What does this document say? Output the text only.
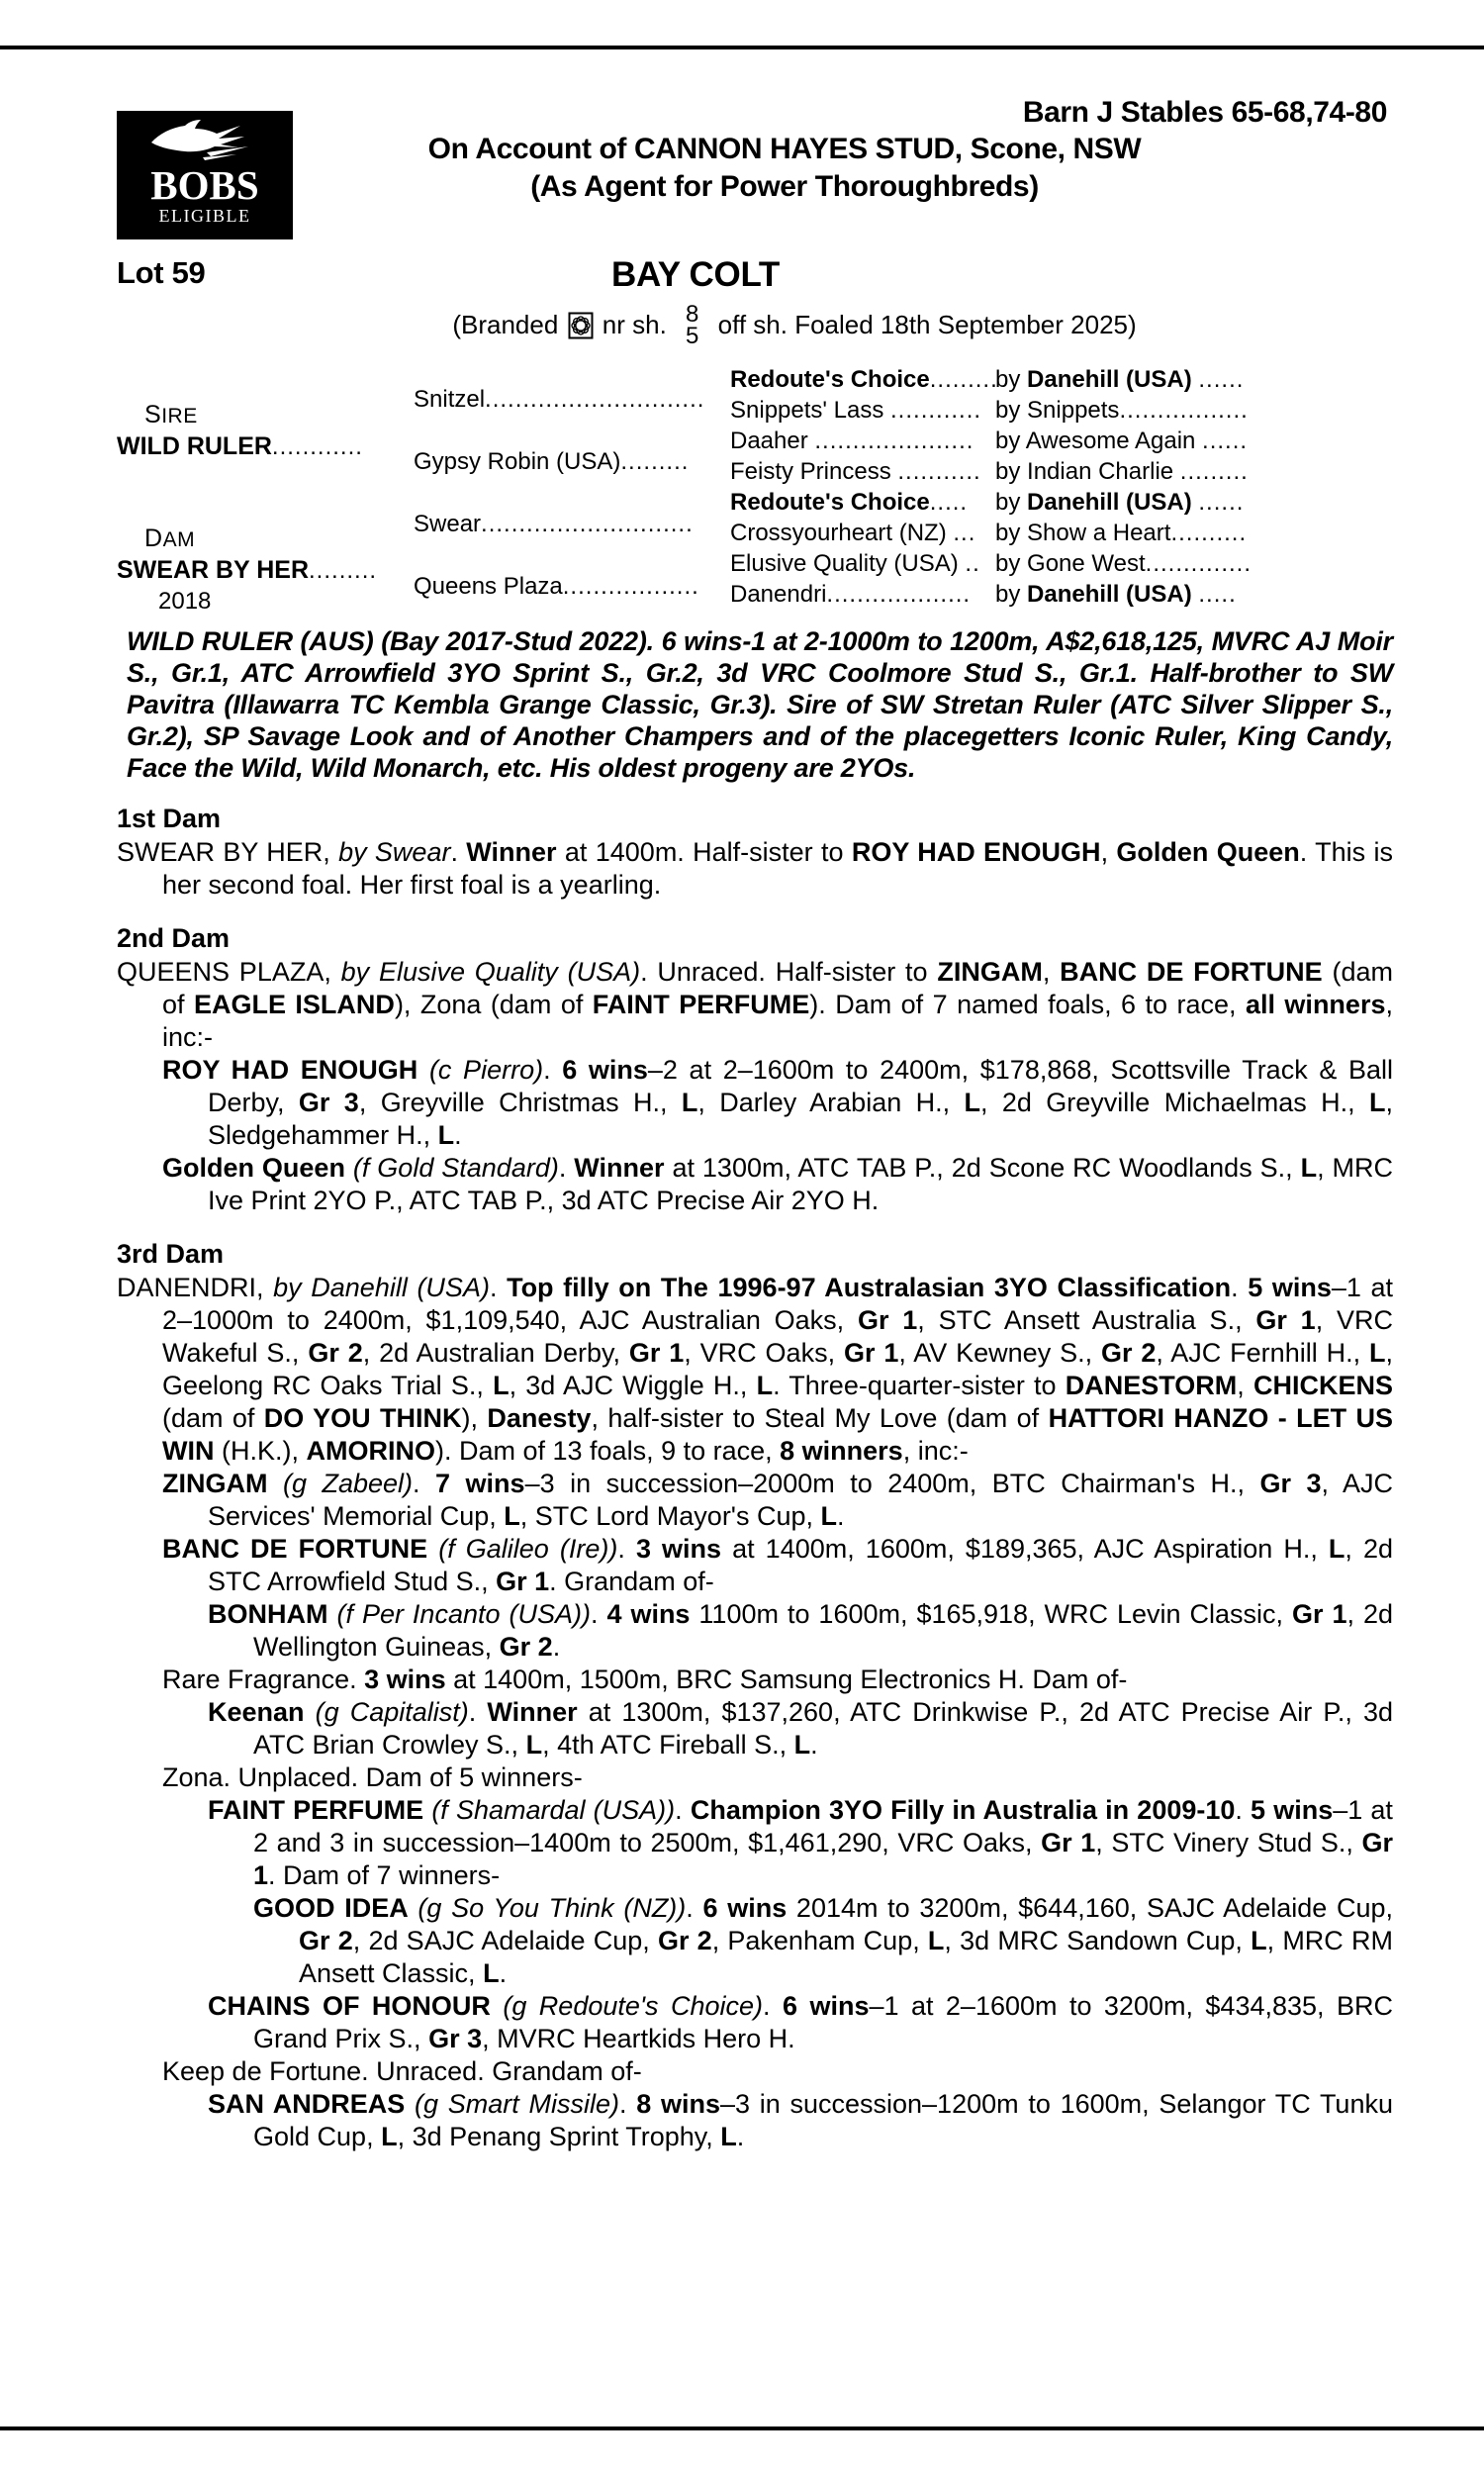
BOBS
ELIGIBLE
Barn J Stables 65-68,74-80
On Account of CANNON HAYES STUD, Scone, NSW
(As Agent for Power Thoroughbreds)
Lot 59	BAY COLT
(Branded nr sh. 8
5 off sh. Foaled 18th September 2025)
SIRE
WILD RULER............
DAM
SWEAR BY HER.........
2018
Snitzel.............................
Gypsy Robin (USA).........
Swear............................
Queens Plaza..................
Redoute's Choice.........
Snippets' Lass ............
Daaher .....................
Feisty Princess ...........
Redoute's Choice.....
Crossyourheart (NZ) ...
Elusive Quality (USA) ..
Danendri...................
by Danehill (USA) ......
by Snippets.................
by Awesome Again ......
by Indian Charlie .........
by Danehill (USA) ......
by Show a Heart..........
by Gone West..............
by Danehill (USA) .....
WILD RULER (AUS) (Bay 2017-Stud 2022). 6 wins-1 at 2-1000m to 1200m, A$2,618,125, MVRC AJ Moir S., Gr.1, ATC Arrowfield 3YO Sprint S., Gr.2, 3d VRC Coolmore Stud S., Gr.1. Half-brother to SW Pavitra (Illawarra TC Kembla Grange Classic, Gr.3). Sire of SW Stretan Ruler (ATC Silver Slipper S., Gr.2), SP Savage Look and of Another Champers and of the placegetters Iconic Ruler, King Candy, Face the Wild, Wild Monarch, etc. His oldest progeny are 2YOs.
1st Dam

SWEAR BY HER, by Swear. Winner at 1400m. Half-sister to ROY HAD ENOUGH, Golden Queen. This is her second foal. Her first foal is a yearling.

2nd Dam

QUEENS PLAZA, by Elusive Quality (USA). Unraced. Half-sister to ZINGAM, BANC DE FORTUNE (dam of EAGLE ISLAND), Zona (dam of FAINT PERFUME). Dam of 7 named foals, 6 to race, all winners, inc:-

ROY HAD ENOUGH (c Pierro). 6 wins–2 at 2–1600m to 2400m, $178,868, Scottsville Track & Ball Derby, Gr 3, Greyville Christmas H., L, Darley Arabian H., L, 2d Greyville Michaelmas H., L, Sledgehammer H., L.

Golden Queen (f Gold Standard). Winner at 1300m, ATC TAB P., 2d Scone RC Woodlands S., L, MRC Ive Print 2YO P., ATC TAB P., 3d ATC Precise Air 2YO H.

3rd Dam

DANENDRI, by Danehill (USA). Top filly on The 1996-97 Australasian 3YO Classification. 5 wins–1 at 2–1000m to 2400m, $1,109,540, AJC Australian Oaks, Gr 1, STC Ansett Australia S., Gr 1, VRC Wakeful S., Gr 2, 2d Australian Derby, Gr 1, VRC Oaks, Gr 1, AV Kewney S., Gr 2, AJC Fernhill H., L, Geelong RC Oaks Trial S., L, 3d AJC Wiggle H., L. Three-quarter-sister to DANESTORM, CHICKENS (dam of DO YOU THINK), Danesty, half-sister to Steal My Love (dam of HATTORI HANZO - LET US WIN (H.K.), AMORINO). Dam of 13 foals, 9 to race, 8 winners, inc:-

ZINGAM (g Zabeel). 7 wins–3 in succession–2000m to 2400m, BTC Chairman's H., Gr 3, AJC Services' Memorial Cup, L, STC Lord Mayor's Cup, L.

BANC DE FORTUNE (f Galileo (Ire)). 3 wins at 1400m, 1600m, $189,365, AJC Aspiration H., L, 2d STC Arrowfield Stud S., Gr 1. Grandam of-

BONHAM (f Per Incanto (USA)). 4 wins 1100m to 1600m, $165,918, WRC Levin Classic, Gr 1, 2d Wellington Guineas, Gr 2.

Rare Fragrance. 3 wins at 1400m, 1500m, BRC Samsung Electronics H. Dam of-

Keenan (g Capitalist). Winner at 1300m, $137,260, ATC Drinkwise P., 2d ATC Precise Air P., 3d ATC Brian Crowley S., L, 4th ATC Fireball S., L.

Zona. Unplaced. Dam of 5 winners-

FAINT PERFUME (f Shamardal (USA)). Champion 3YO Filly in Australia in 2009-10. 5 wins–1 at 2 and 3 in succession–1400m to 2500m, $1,461,290, VRC Oaks, Gr 1, STC Vinery Stud S., Gr 1. Dam of 7 winners-

GOOD IDEA (g So You Think (NZ)). 6 wins 2014m to 3200m, $644,160, SAJC Adelaide Cup, Gr 2, 2d SAJC Adelaide Cup, Gr 2, Pakenham Cup, L, 3d MRC Sandown Cup, L, MRC RM Ansett Classic, L.

CHAINS OF HONOUR (g Redoute's Choice). 6 wins–1 at 2–1600m to 3200m, $434,835, BRC Grand Prix S., Gr 3, MVRC Heartkids Hero H.

Keep de Fortune. Unraced. Grandam of-

SAN ANDREAS (g Smart Missile). 8 wins–3 in succession–1200m to 1600m, Selangor TC Tunku Gold Cup, L, 3d Penang Sprint Trophy, L.
